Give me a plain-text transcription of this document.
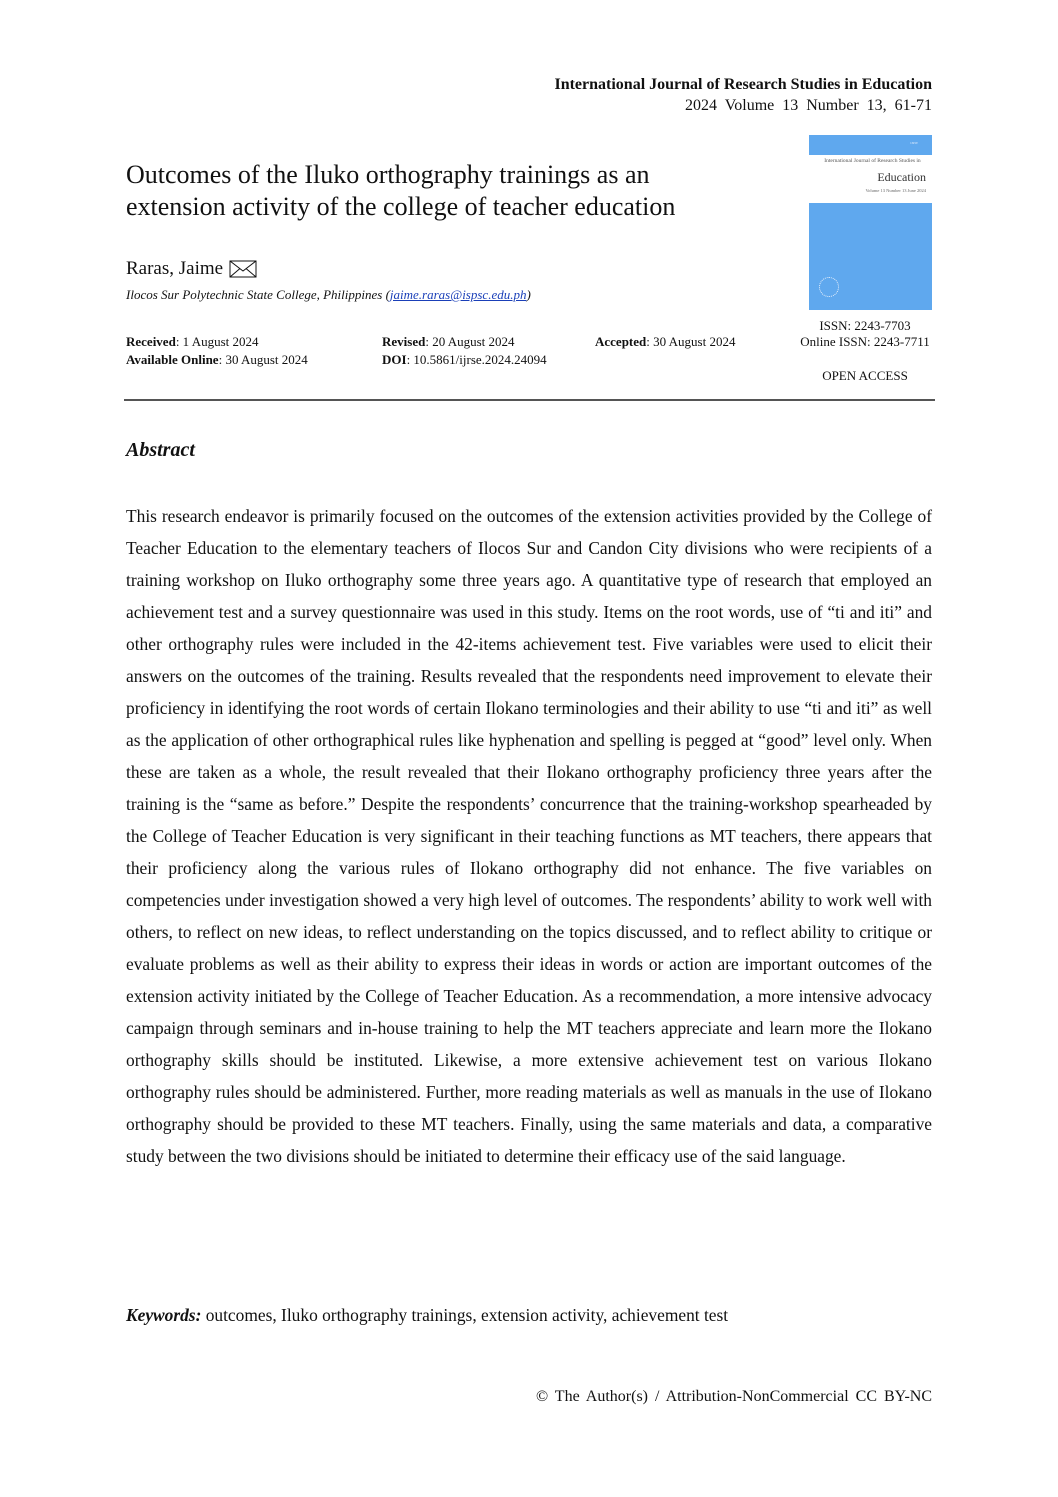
International Journal of Research Studies in Education
2024 Volume 13 Number 13, 61-71
Outcomes of the Iluko orthography trainings as an extension activity of the college of teacher education
Raras, Jaime
Ilocos Sur Polytechnic State College, Philippines (jaime.raras@ispsc.edu.ph)
Received: 1 August 2024	Revised: 20 August 2024	Accepted: 30 August 2024
Available Online: 30 August 2024	DOI: 10.5861/ijrse.2024.24094
IJRSE
International Journal of Research Studies in
Education
Volume 13 Number 13 June 2024
ISSN: 2243-7703
Online ISSN: 2243-7711
OPEN ACCESS
Abstract

This research endeavor is primarily focused on the outcomes of the extension activities provided by the College of Teacher Education to the elementary teachers of Ilocos Sur and Candon City divisions who were recipients of a training workshop on Iluko orthography some three years ago. A quantitative type of research that employed an achievement test and a survey questionnaire was used in this study. Items on the root words, use of “ti and iti” and other orthography rules were included in the 42-items achievement test. Five variables were used to elicit their answers on the outcomes of the training. Results revealed that the respondents need improvement to elevate their proficiency in identifying the root words of certain Ilokano terminologies and their ability to use “ti and iti” as well as the application of other orthographical rules like hyphenation and spelling is pegged at “good” level only. When these are taken as a whole, the result revealed that their Ilokano orthography proficiency three years after the training is the “same as before.” Despite the respondents’ concurrence that the training-workshop spearheaded by the College of Teacher Education is very significant in their teaching functions as MT teachers, there appears that their proficiency along the various rules of Ilokano orthography did not enhance. The five variables on competencies under investigation showed a very high level of outcomes. The respondents’ ability to work well with others, to reflect on new ideas, to reflect understanding on the topics discussed, and to reflect ability to critique or evaluate problems as well as their ability to express their ideas in words or action are important outcomes of the extension activity initiated by the College of Teacher Education. As a recommendation, a more intensive advocacy campaign through seminars and in-house training to help the MT teachers appreciate and learn more the Ilokano orthography skills should be instituted. Likewise, a more extensive achievement test on various Ilokano orthography rules should be administered. Further, more reading materials as well as manuals in the use of Ilokano orthography should be provided to these MT teachers. Finally, using the same materials and data, a comparative study between the two divisions should be initiated to determine their efficacy use of the said language.

Keywords: outcomes, Iluko orthography trainings, extension activity, achievement test
© The Author(s) / Attribution-NonCommercial CC BY-NC
